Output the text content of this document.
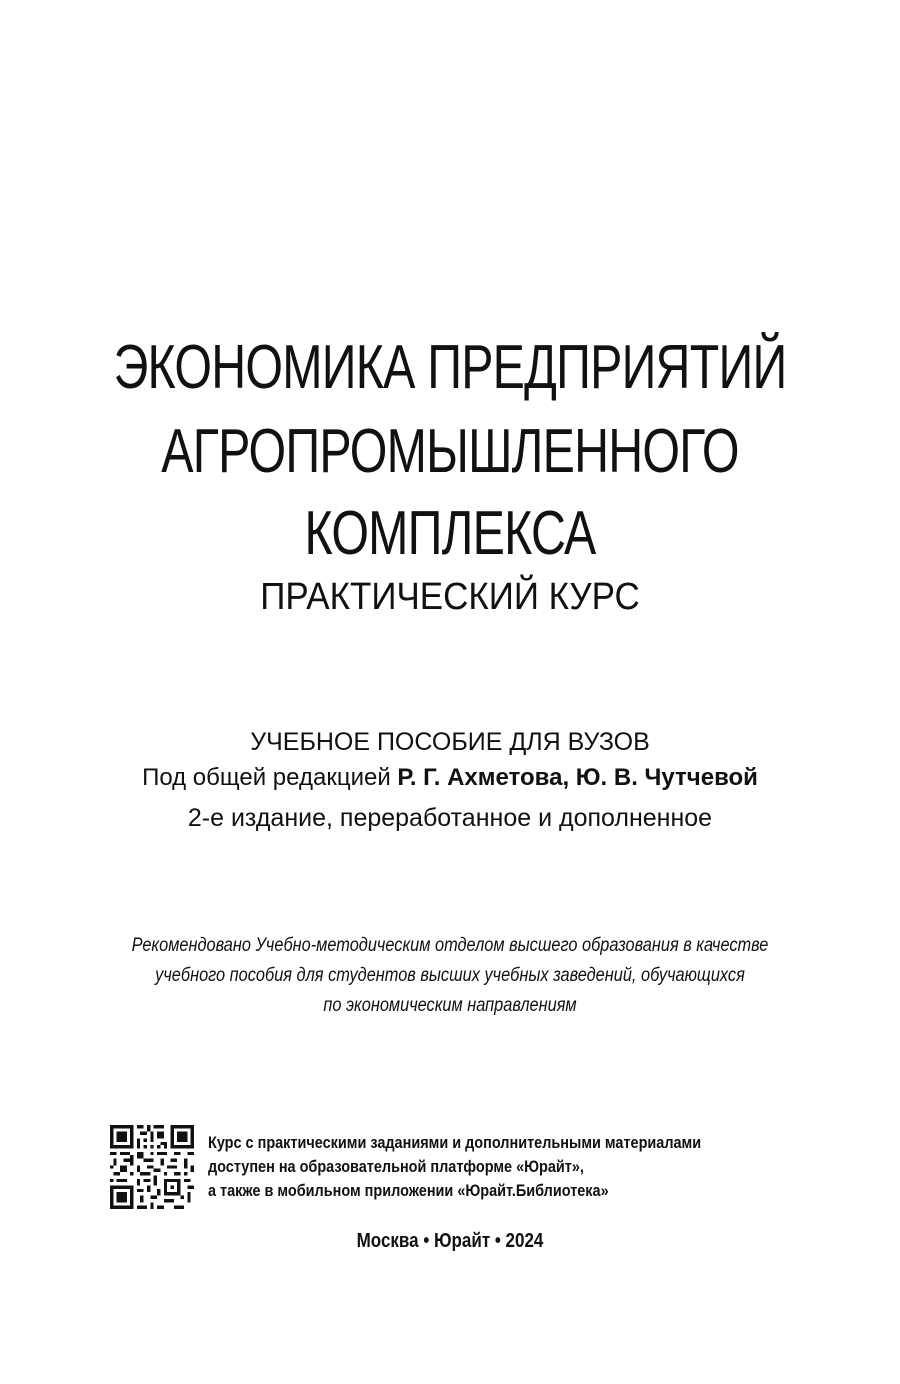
ЭКОНОМИКА ПРЕДПРИЯТИЙ
АГРОПРОМЫШЛЕННОГО
КОМПЛЕКСА
ПРАКТИЧЕСКИЙ КУРС
УЧЕБНОЕ ПОСОБИЕ ДЛЯ ВУЗОВ
Под общей редакцией Р. Г. Ахметова, Ю. В. Чутчевой
2-е издание, переработанное и дополненное
Рекомендовано Учебно-методическим отделом высшего образования в качестве
учебного пособия для студентов высших учебных заведений, обучающихся
по экономическим направлениям
Курс с практическими заданиями и дополнительными материалами
доступен на образовательной платформе «Юрайт»,
а также в мобильном приложении «Юрайт.Библиотека»
Москва • Юрайт • 2024
